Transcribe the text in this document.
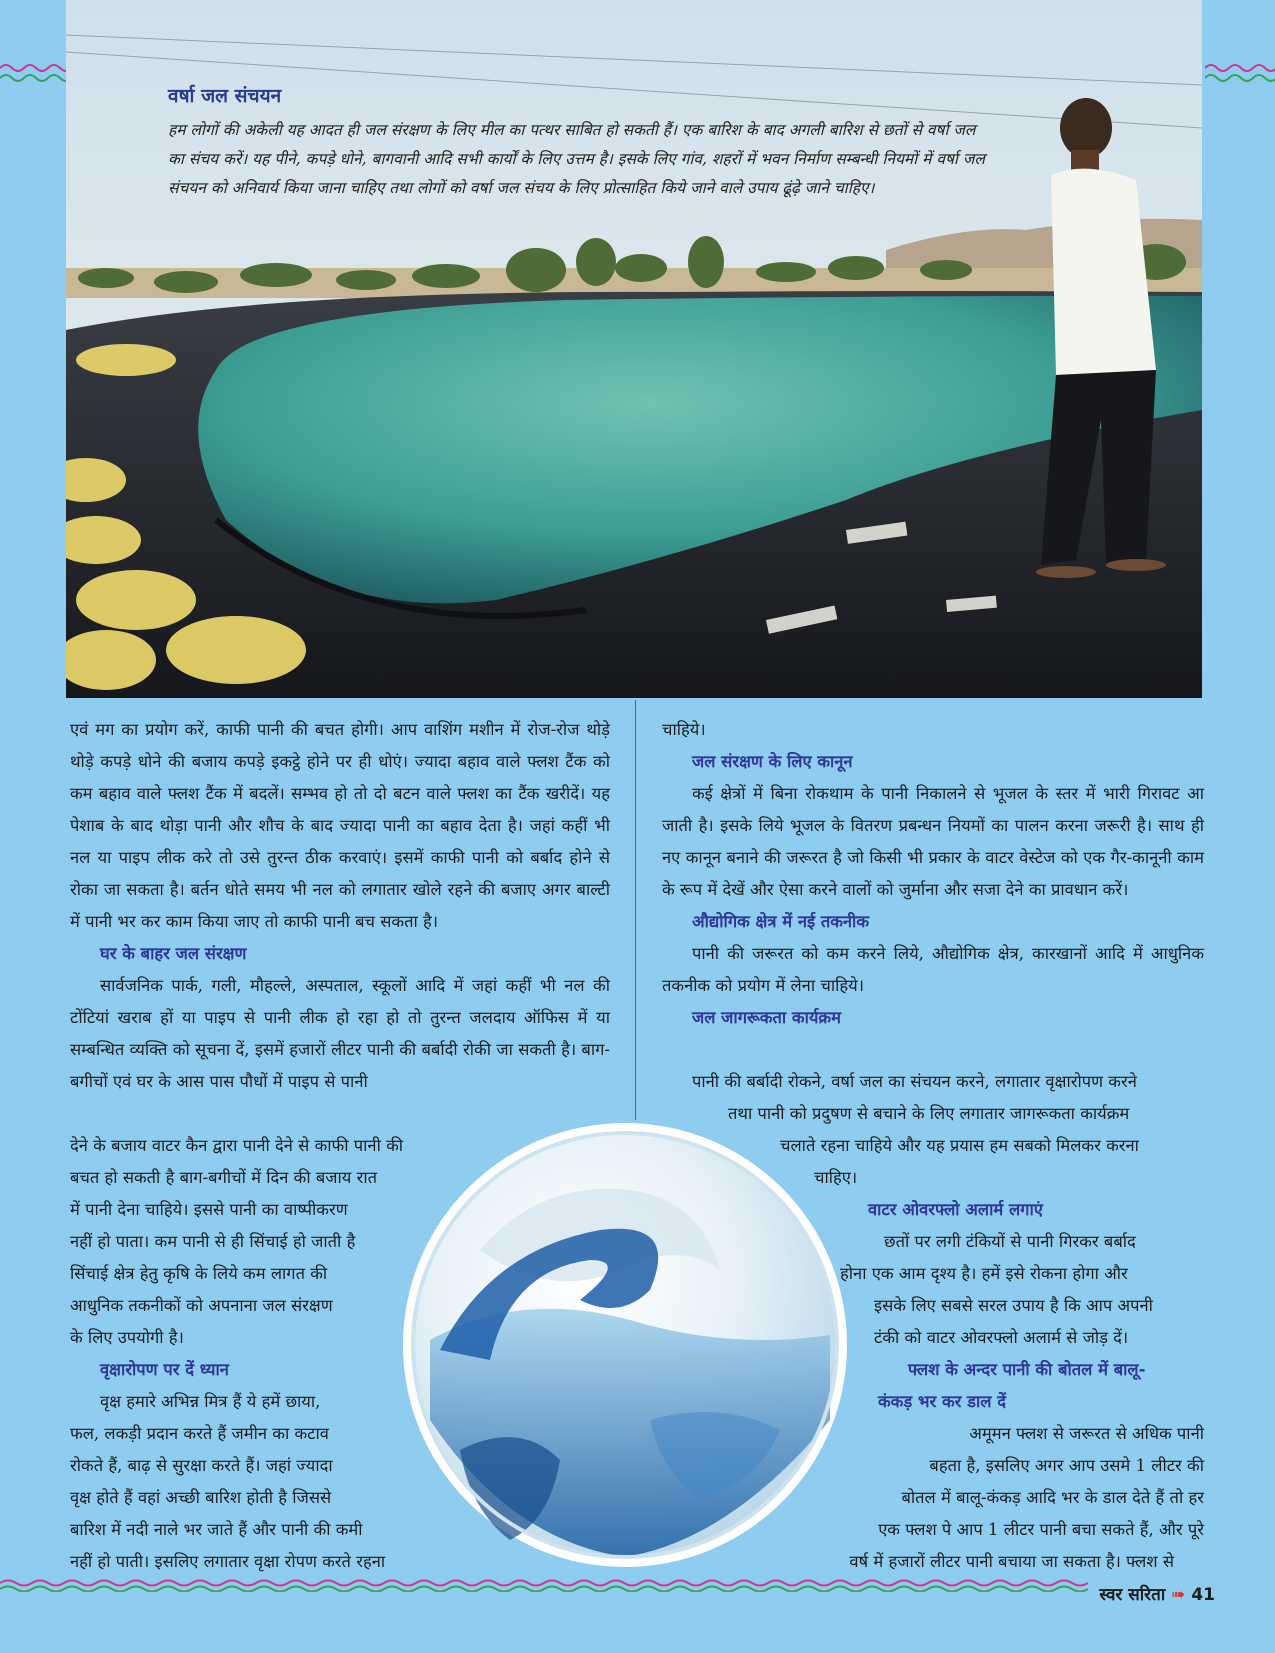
वर्षा जल संचयन

हम लोगों की अकेली यह आदत ही जल संरक्षण के लिए मील का पत्थर साबित हो सकती हैं। एक बारिश के बाद अगली बारिश से छतों से वर्षा जल का संचय करें। यह पीने, कपड़े धोने, बागवानी आदि सभी कार्यों के लिए उत्तम है। इसके लिए गांव, शहरों में भवन निर्माण सम्बन्धी नियमों में वर्षा जल संचयन को अनिवार्य किया जाना चाहिए तथा लोगों को वर्षा जल संचय के लिए प्रोत्साहित किये जाने वाले उपाय ढूंढ़े जाने चाहिए।

एवं मग का प्रयोग करें, काफी पानी की बचत होगी। आप वाशिंग मशीन में रोज-रोज थोड़े थोड़े कपड़े धोने की बजाय कपड़े इकट्ठे होने पर ही धोएं। ज्यादा बहाव वाले फ्लश टैंक को कम बहाव वाले फ्लश टैंक में बदलें। सम्भव हो तो दो बटन वाले फ्लश का टैंक खरीदें। यह पेशाब के बाद थोड़ा पानी और शौच के बाद ज्यादा पानी का बहाव देता है। जहां कहीं भी नल या पाइप लीक करे तो उसे तुरन्त ठीक करवाएं। इसमें काफी पानी को बर्बाद होने से रोका जा सकता है। बर्तन धोते समय भी नल को लगातार खोले रहने की बजाए अगर बाल्टी में पानी भर कर काम किया जाए तो काफी पानी बच सकता है।

घर के बाहर जल संरक्षण

सार्वजनिक पार्क, गली, मौहल्ले, अस्पताल, स्कूलों आदि में जहां कहीं भी नल की टोंटियां खराब हों या पाइप से पानी लीक हो रहा हो तो तुरन्त जलदाय ऑफिस में या सम्बन्धित व्यक्ति को सूचना दें, इसमें हजारों लीटर पानी की बर्बादी रोकी जा सकती है। बाग-बगीचों एवं घर के आस पास पौधों में पाइप से पानी

देने के बजाय वाटर कैन द्वारा पानी देने से काफी पानी की
बचत हो सकती है बाग-बगीचों में दिन की बजाय रात
में पानी देना चाहिये। इससे पानी का वाष्पीकरण
नहीं हो पाता। कम पानी से ही सिंचाई हो जाती है
सिंचाई क्षेत्र हेतु कृषि के लिये कम लागत की
आधुनिक तकनीकों को अपनाना जल संरक्षण
के लिए उपयोगी है।
वृक्षारोपण पर दें ध्यान
वृक्ष हमारे अभिन्न मित्र हैं ये हमें छाया,
फल, लकड़ी प्रदान करते हैं जमीन का कटाव
रोकते हैं, बाढ़ से सुरक्षा करते हैं। जहां ज्यादा
वृक्ष होते हैं वहां अच्छी बारिश होती है जिससे
बारिश में नदी नाले भर जाते हैं और पानी की कमी
नहीं हो पाती। इसलिए लगातार वृक्षा रोपण करते रहना

चाहिये।

जल संरक्षण के लिए कानून

कई क्षेत्रों में बिना रोकथाम के पानी निकालने से भूजल के स्तर में भारी गिरावट आ जाती है। इसके लिये भूजल के वितरण प्रबन्धन नियमों का पालन करना जरूरी है। साथ ही नए कानून बनाने की जरूरत है जो किसी भी प्रकार के वाटर वेस्टेज को एक गैर-कानूनी काम के रूप में देखें और ऐसा करने वालों को जुर्माना और सजा देने का प्रावधान करें।

औद्योगिक क्षेत्र में नई तकनीक

पानी की जरूरत को कम करने लिये, औद्योगिक क्षेत्र, कारखानों आदि में आधुनिक तकनीक को प्रयोग में लेना चाहिये।

जल जागरूकता कार्यक्रम

पानी की बर्बादी रोकने, वर्षा जल का संचयन करने, लगातार वृक्षारोपण करने
तथा पानी को प्रदुषण से बचाने के लिए लगातार जागरूकता कार्यक्रम
चलाते रहना चाहिये और यह प्रयास हम सबको मिलकर करना
चाहिए।
वाटर ओवरफ्लो अलार्म लगाएं
छतों पर लगी टंकियों से पानी गिरकर बर्बाद
होना एक आम दृश्य है। हमें इसे रोकना होगा और
इसके लिए सबसे सरल उपाय है कि आप अपनी
टंकी को वाटर ओवरफ्लो अलार्म से जोड़ दें।
फ्लश के अन्दर पानी की बोतल में बालू-
कंकड़ भर कर डाल दें
अमूमन फ्लश से जरूरत से अधिक पानी
बहता है, इसलिए अगर आप उसमे 1 लीटर की
बोतल में बालू-कंकड़ आदि भर के डाल देते हैं तो हर
एक फ्लश पे आप 1 लीटर पानी बचा सकते हैं, और पूरे
वर्ष में हजारों लीटर पानी बचाया जा सकता है। फ्लश से
स्वर सरिता ➠ 41
